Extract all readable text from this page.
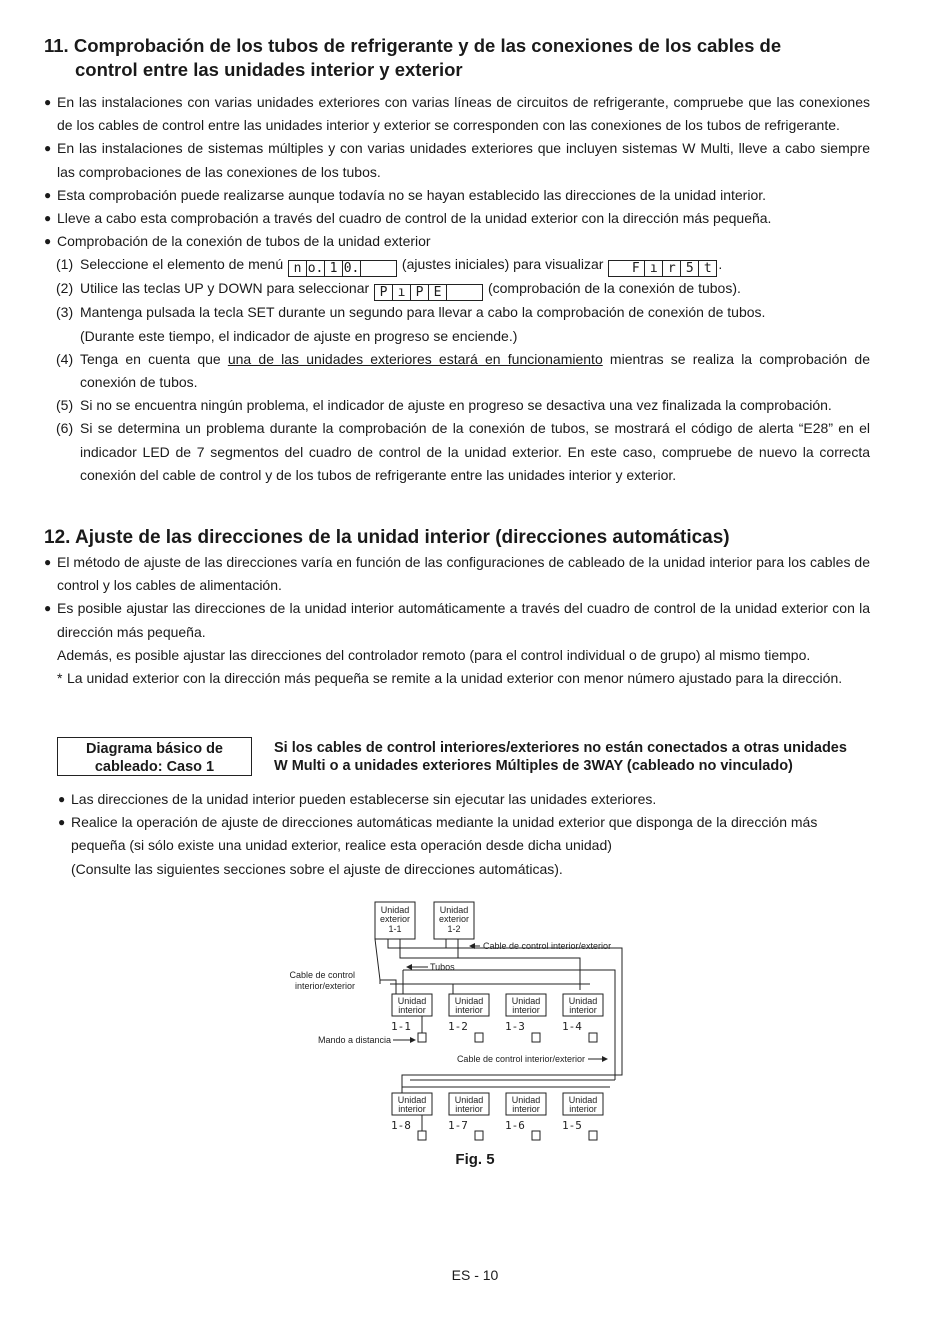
11. Comprobación de los tubos de refrigerante y de las conexiones de los cables de
control entre las unidades interior y exterior
● En las instalaciones con varias unidades exteriores con varias líneas de circuitos de refrigerante, compruebe que las conexiones de los cables de control entre las unidades interior y exterior se corresponden con las conexiones de los tubos de refrigerante.
● En las instalaciones de sistemas múltiples y con varias unidades exteriores que incluyen sistemas W Multi, lleve a cabo siempre las comprobaciones de las conexiones de los tubos.
● Esta comprobación puede realizarse aunque todavía no se hayan establecido las direcciones de la unidad interior.
● Lleve a cabo esta comprobación a través del cuadro de control de la unidad exterior con la dirección más pequeña.
● Comprobación de la conexión de tubos de la unidad exterior
(1) Seleccione el elemento de menú n o. 1 0.	(ajustes iniciales) para visualizar F ı r 5 t .
(2) Utilice las teclas UP y DOWN para seleccionar P ı P E	(comprobación de la conexión de tubos).
(3) Mantenga pulsada la tecla SET durante un segundo para llevar a cabo la comprobación de conexión de tubos.
(Durante este tiempo, el indicador de ajuste en progreso se enciende.)
(4) Tenga en cuenta que una de las unidades exteriores estará en funcionamiento mientras se realiza la comprobación de conexión de tubos.
(5) Si no se encuentra ningún problema, el indicador de ajuste en progreso se desactiva una vez finalizada la comprobación.
(6) Si se determina un problema durante la comprobación de la conexión de tubos, se mostrará el código de alerta “E28” en el indicador LED de 7 segmentos del cuadro de control de la unidad exterior. En este caso, compruebe de nuevo la correcta conexión del cable de control y de los tubos de refrigerante entre las unidades interior y exterior.
12. Ajuste de las direcciones de la unidad interior (direcciones automáticas)
● El método de ajuste de las direcciones varía en función de las configuraciones de cableado de la unidad interior para los cables de control y los cables de alimentación.
● Es posible ajustar las direcciones de la unidad interior automáticamente a través del cuadro de control de la unidad exterior con la dirección más pequeña.
Además, es posible ajustar las direcciones del controlador remoto (para el control individual o de grupo) al mismo tiempo.
* La unidad exterior con la dirección más pequeña se remite a la unidad exterior con menor número ajustado para la dirección.
Diagrama básico de
cableado: Caso 1
Si los cables de control interiores/exteriores no están conectados a otras unidades
W Multi o a unidades exteriores Múltiples de 3WAY (cableado no vinculado)
● Las direcciones de la unidad interior pueden establecerse sin ejecutar las unidades exteriores.
● Realice la operación de ajuste de direcciones automáticas mediante la unidad exterior que disponga de la dirección más pequeña (si sólo existe una unidad exterior, realice esta operación desde dicha unidad)
(Consulte las siguientes secciones sobre el ajuste de direcciones automáticas).
Unidad
exterior
1-1
Unidad
exterior
1-2
Unidad
interior
Unidad
interior
Unidad
interior
Unidad
interior
1-1	1-2	1-3	1-4
Unidad
interior
Unidad
interior
Unidad
interior
Unidad
interior
1-8	1-7	1-6	1-5
Cable de control interior/exterior
Tubos
Cable de control
interior/exterior
Mando a distancia
Cable de control interior/exterior
Fig. 5
ES - 10
